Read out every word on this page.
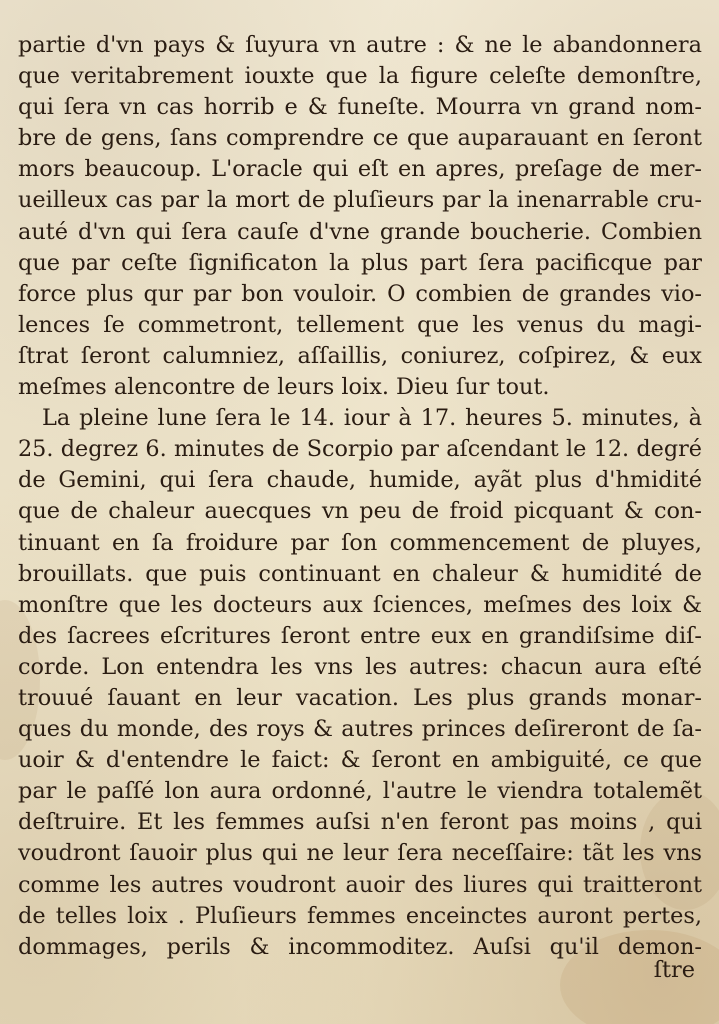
partie d'vn pays & ſuyura vn autre : & ne le abandonnera
que veritabrement iouxte que la figure celeſte demonſtre,
qui ſera vn cas horrib e & funeſte. Mourra vn grand nom-
bre de gens, ſans comprendre ce que auparauant en ſeront
mors beaucoup. L'oracle qui eſt en apres, preſage de mer-
ueilleux cas par la mort de pluſieurs par la inenarrable cru-
auté d'vn qui ſera cauſe d'vne grande boucherie. Combien
que par ceſte ſignificaton la plus part ſera pacificque par
force plus qur par bon vouloir. O combien de grandes vio-
lences ſe commetront, tellement que les venus du magi-
ſtrat ſeront calumniez, aſſaillis, coniurez, coſpirez, & eux
meſmes alencontre de leurs loix. Dieu ſur tout.
La pleine lune ſera le 14. iour à 17. heures 5. minutes, à
25. degrez 6. minutes de Scorpio par aſcendant le 12. degré
de Gemini, qui ſera chaude, humide, ayãt plus d'hmidité
que de chaleur auecques vn peu de froid picquant & con-
tinuant en ſa froidure par ſon commencement de pluyes,
brouillats. que puis continuant en chaleur & humidité de
monſtre que les docteurs aux ſciences, meſmes des loix &
des ſacrees eſcritures ſeront entre eux en grandiſsime diſ-
corde. Lon entendra les vns les autres: chacun aura eſté
trouué ſauant en leur vacation. Les plus grands monar-
ques du monde, des roys & autres princes deſireront de ſa-
uoir & d'entendre le faict: & ſeront en ambiguité, ce que
par le paſſé lon aura ordonné, l'autre le viendra totalemẽt
deſtruire. Et les femmes auſsi n'en feront pas moins , qui
voudront ſauoir plus qui ne leur ſera neceſſaire: tãt les vns
comme les autres voudront auoir des liures qui traitteront
de telles loix . Pluſieurs femmes enceinctes auront pertes,
dommages, perils & incommoditez. Auſsi qu'il demon-
ſtre
